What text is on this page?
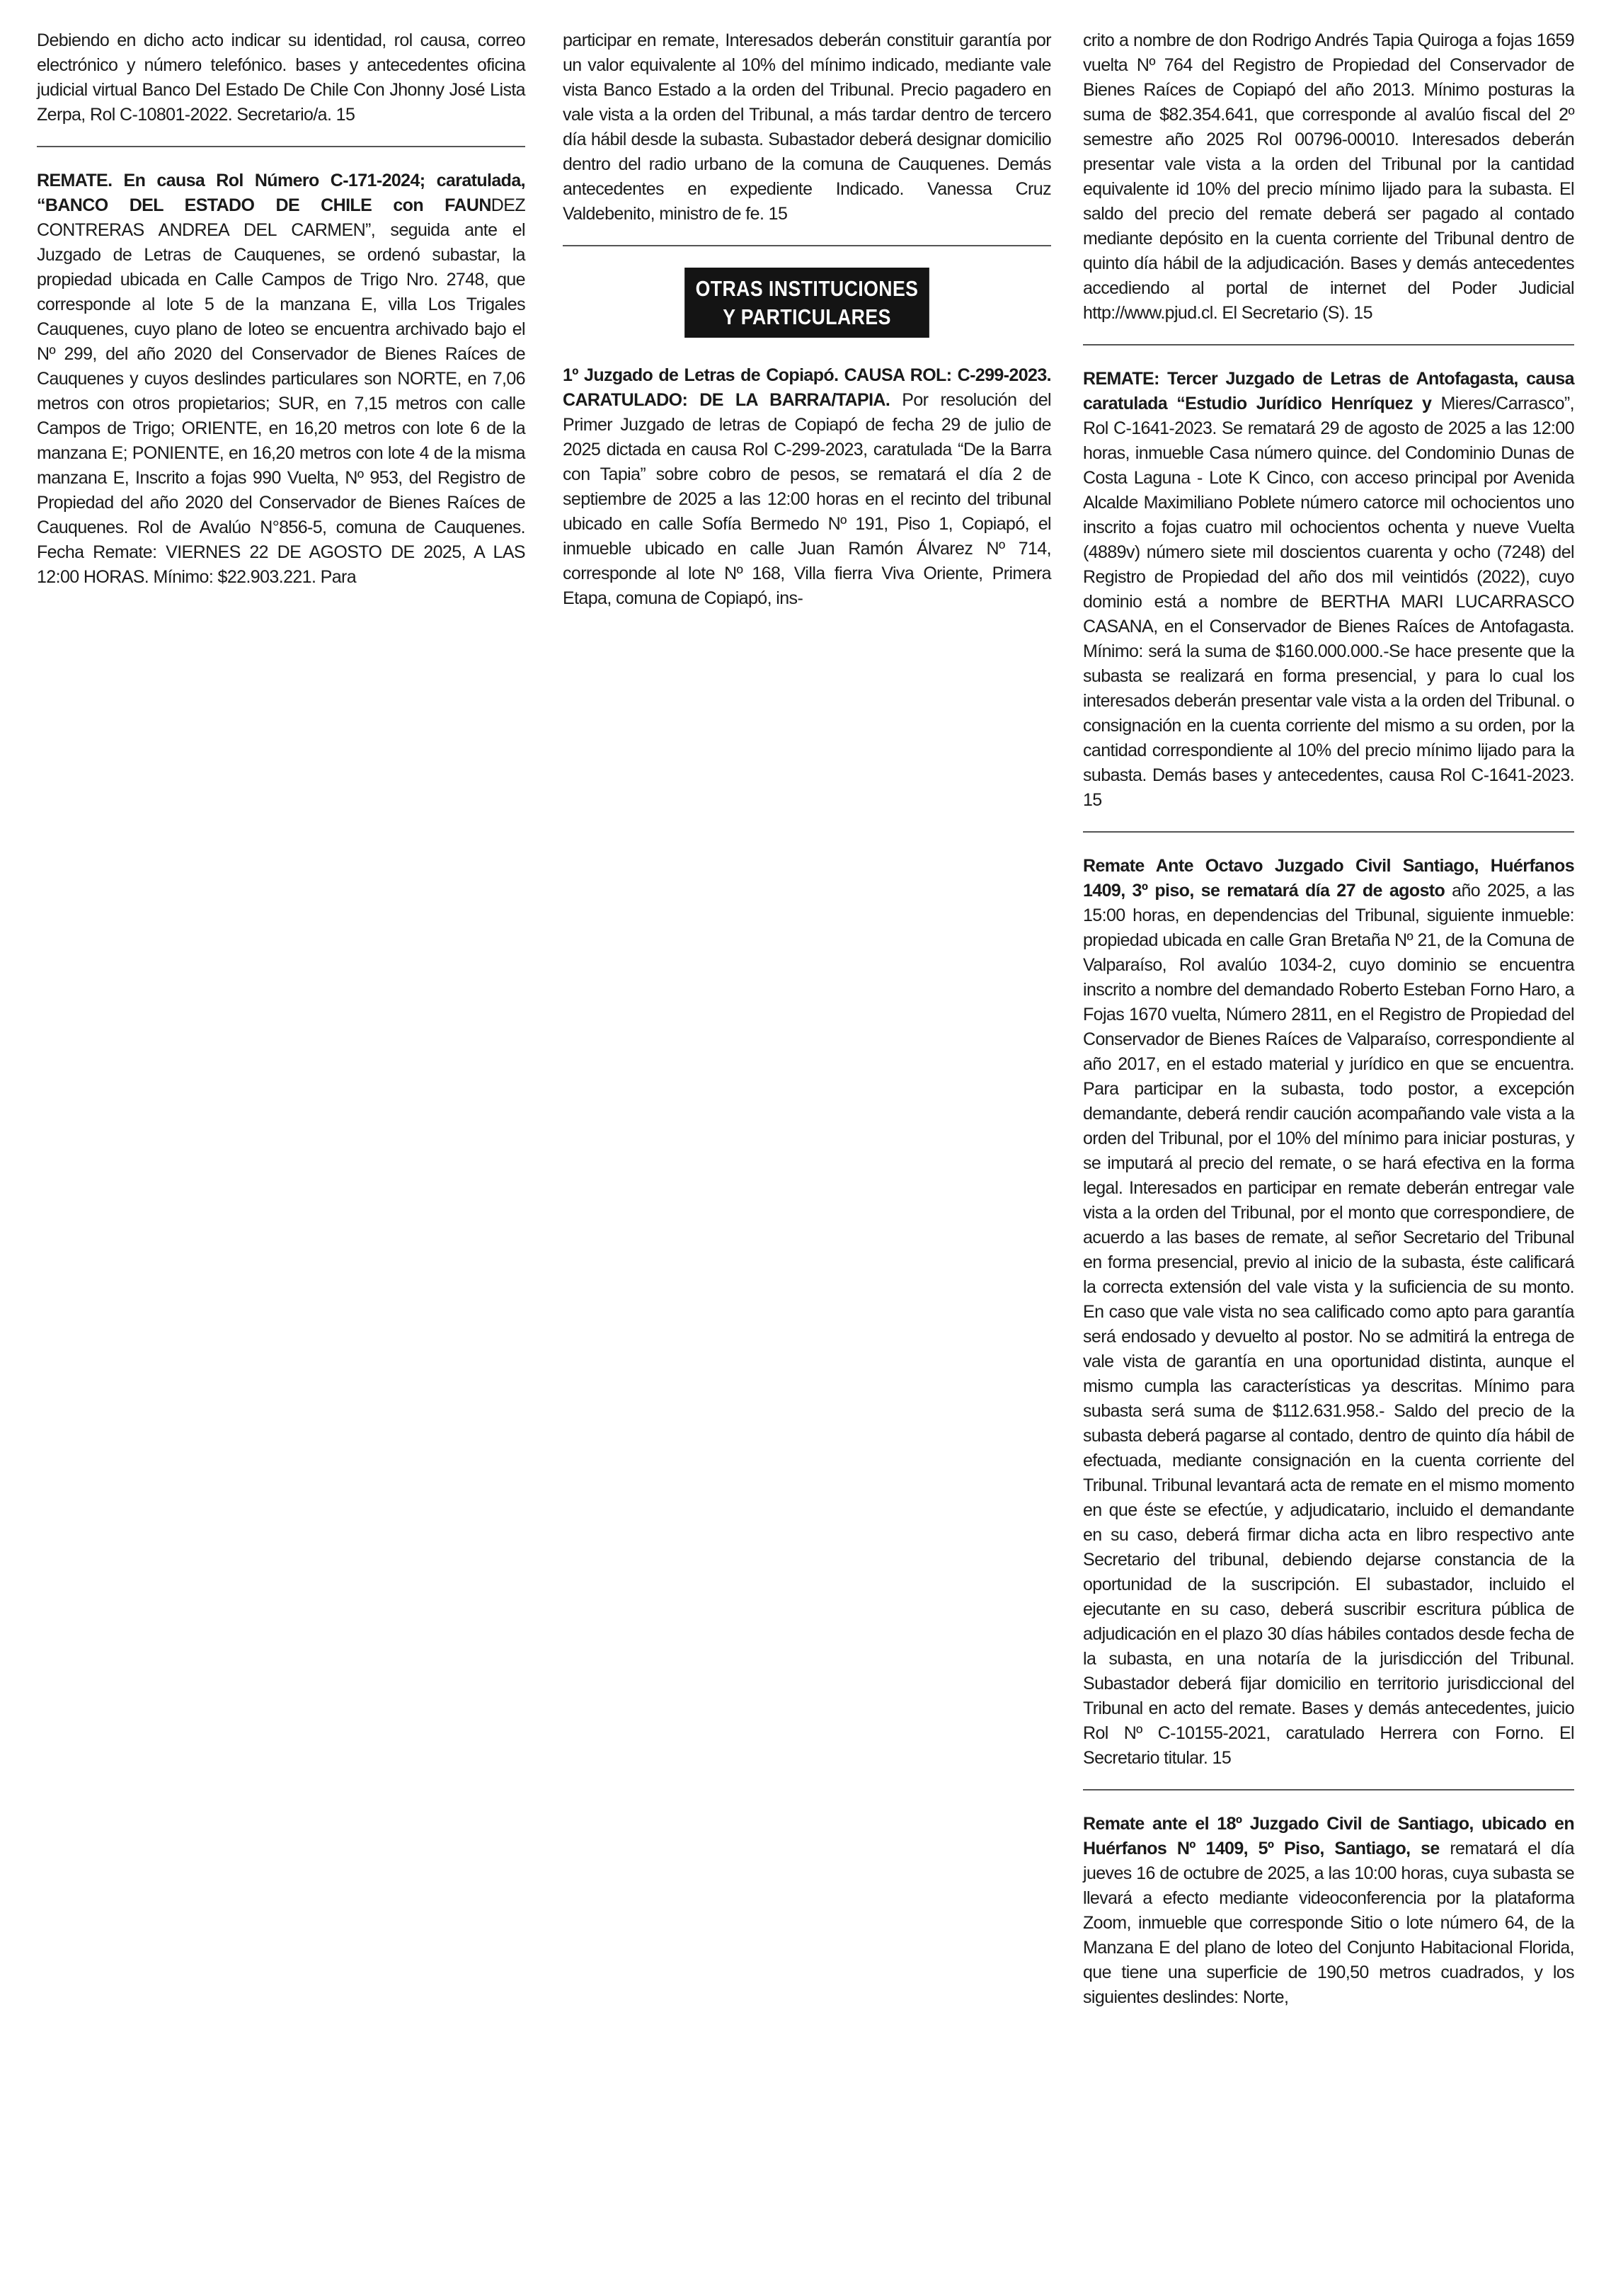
Debiendo en dicho acto indicar su identidad, rol causa, correo electrónico y número telefónico. bases y antecedentes oficina judicial virtual Banco Del Estado De Chile Con Jhonny José Lista Zerpa, Rol C-10801-2022. Secretario/a. 15

REMATE. En causa Rol Número C-171-2024; caratulada, “BANCO DEL ESTADO DE CHILE con FAUNDEZ CONTRERAS ANDREA DEL CARMEN”, seguida ante el Juzgado de Letras de Cauquenes, se ordenó subastar, la propiedad ubicada en Calle Campos de Trigo Nro. 2748, que corresponde al lote 5 de la manzana E, villa Los Trigales Cauquenes, cuyo plano de loteo se encuentra archivado bajo el Nº 299, del año 2020 del Conservador de Bienes Raíces de Cauquenes y cuyos deslindes particulares son NORTE, en 7,06 metros con otros propietarios; SUR, en 7,15 metros con calle Campos de Trigo; ORIENTE, en 16,20 metros con lote 6 de la manzana E; PONIENTE, en 16,20 metros con lote 4 de la misma manzana E, Inscrito a fojas 990 Vuelta, Nº 953, del Registro de Propiedad del año 2020 del Conservador de Bienes Raíces de Cauquenes. Rol de Avalúo N°856-5, comuna de Cauquenes. Fecha Remate: VIERNES 22 DE AGOSTO DE 2025, A LAS 12:00 HORAS. Mínimo: $22.903.221. Para

participar en remate, Interesados deberán constituir garantía por un valor equivalente al 10% del mínimo indicado, mediante vale vista Banco Estado a la orden del Tribunal. Precio pagadero en vale vista a la orden del Tribunal, a más tardar dentro de tercero día hábil desde la subasta. Subastador deberá designar domicilio dentro del radio urbano de la comuna de Cauquenes. Demás antecedentes en expediente Indicado. Vanessa Cruz Valdebenito, ministro de fe. 15

OTRAS INSTITUCIONES
Y PARTICULARES

1º Juzgado de Letras de Copiapó. CAUSA ROL: C-299-2023. CARATULADO: DE LA BARRA/TAPIA. Por resolución del Primer Juzgado de letras de Copiapó de fecha 29 de julio de 2025 dictada en causa Rol C-299-2023, caratulada “De la Barra con Tapia” sobre cobro de pesos, se rematará el día 2 de septiembre de 2025 a las 12:00 horas en el recinto del tribunal ubicado en calle Sofía Bermedo Nº 191, Piso 1, Copiapó, el inmueble ubicado en calle Juan Ramón Álvarez Nº 714, corresponde al lote Nº 168, Villa fierra Viva Oriente, Primera Etapa, comuna de Copiapó, ins-

crito a nombre de don Rodrigo Andrés Tapia Quiroga a fojas 1659 vuelta Nº 764 del Registro de Propiedad del Conservador de Bienes Raíces de Copiapó del año 2013. Mínimo posturas la suma de $82.354.641, que corresponde al avalúo fiscal del 2º semestre año 2025 Rol 00796-00010. Interesados deberán presentar vale vista a la orden del Tribunal por la cantidad equivalente id 10% del precio mínimo lijado para la subasta. El saldo del precio del remate deberá ser pagado al contado mediante depósito en la cuenta corriente del Tribunal dentro de quinto día hábil de la adjudicación. Bases y demás antecedentes accediendo al portal de internet del Poder Judicial http://www.pjud.cl. El Secretario (S). 15

REMATE: Tercer Juzgado de Letras de Antofagasta, causa caratulada “Estudio Jurídico Henríquez y Mieres/Carrasco”, Rol C-1641-2023. Se rematará 29 de agosto de 2025 a las 12:00 horas, inmueble Casa número quince. del Condominio Dunas de Costa Laguna - Lote K Cinco, con acceso principal por Avenida Alcalde Maximiliano Poblete número catorce mil ochocientos uno inscrito a fojas cuatro mil ochocientos ochenta y nueve Vuelta (4889v) número siete mil doscientos cuarenta y ocho (7248) del Registro de Propiedad del año dos mil veintidós (2022), cuyo dominio está a nombre de BERTHA MARI LUCARRASCO CASANA, en el Conservador de Bienes Raíces de Antofagasta. Mínimo: será la suma de $160.000.000.-Se hace presente que la subasta se realizará en forma presencial, y para lo cual los interesados deberán presentar vale vista a la orden del Tribunal. o consignación en la cuenta corriente del mismo a su orden, por la cantidad correspondiente al 10% del precio mínimo lijado para la subasta. Demás bases y antecedentes, causa Rol C-1641-2023. 15

Remate Ante Octavo Juzgado Civil Santiago, Huérfanos 1409, 3º piso, se rematará día 27 de agosto año 2025, a las 15:00 horas, en dependencias del Tribunal, siguiente inmueble: propiedad ubicada en calle Gran Bretaña Nº 21, de la Comuna de Valparaíso, Rol avalúo 1034-2, cuyo dominio se encuentra inscrito a nombre del demandado Roberto Esteban Forno Haro, a Fojas 1670 vuelta, Número 2811, en el Registro de Propiedad del Conservador de Bienes Raíces de Valparaíso, correspondiente al año 2017, en el estado material y jurídico en que se encuentra. Para participar en la subasta, todo postor, a excepción demandante, deberá rendir caución acompañando vale vista a la orden del Tribunal, por el 10% del mínimo para iniciar posturas, y se imputará al precio del remate, o se hará efectiva en la forma legal. Interesados en participar en remate deberán entregar vale vista a la orden del Tribunal, por el monto que correspondiere, de acuerdo a las bases de remate, al señor Secretario del Tribunal en forma presencial, previo al inicio de la subasta, éste calificará la correcta extensión del vale vista y la suficiencia de su monto. En caso que vale vista no sea calificado como apto para garantía será endosado y devuelto al postor. No se admitirá la entrega de vale vista de garantía en una oportunidad distinta, aunque el mismo cumpla las características ya descritas. Mínimo para subasta será suma de $112.631.958.- Saldo del precio de la subasta deberá pagarse al contado, dentro de quinto día hábil de efectuada, mediante consignación en la cuenta corriente del Tribunal. Tribunal levantará acta de remate en el mismo momento en que éste se efectúe, y adjudicatario, incluido el demandante en su caso, deberá firmar dicha acta en libro respectivo ante Secretario del tribunal, debiendo dejarse constancia de la oportunidad de la suscripción. El subastador, incluido el ejecutante en su caso, deberá suscribir escritura pública de adjudicación en el plazo 30 días hábiles contados desde fecha de la subasta, en una notaría de la jurisdicción del Tribunal. Subastador deberá fijar domicilio en territorio jurisdiccional del Tribunal en acto del remate. Bases y demás antecedentes, juicio Rol Nº C-10155-2021, caratulado Herrera con Forno. El Secretario titular. 15

Remate ante el 18º Juzgado Civil de Santiago, ubicado en Huérfanos Nº 1409, 5º Piso, Santiago, se rematará el día jueves 16 de octubre de 2025, a las 10:00 horas, cuya subasta se llevará a efecto mediante videoconferencia por la plataforma Zoom, inmueble que corresponde Sitio o lote número 64, de la Manzana E del plano de loteo del Conjunto Habitacional Florida, que tiene una superficie de 190,50 metros cuadrados, y los siguientes deslindes: Norte,
